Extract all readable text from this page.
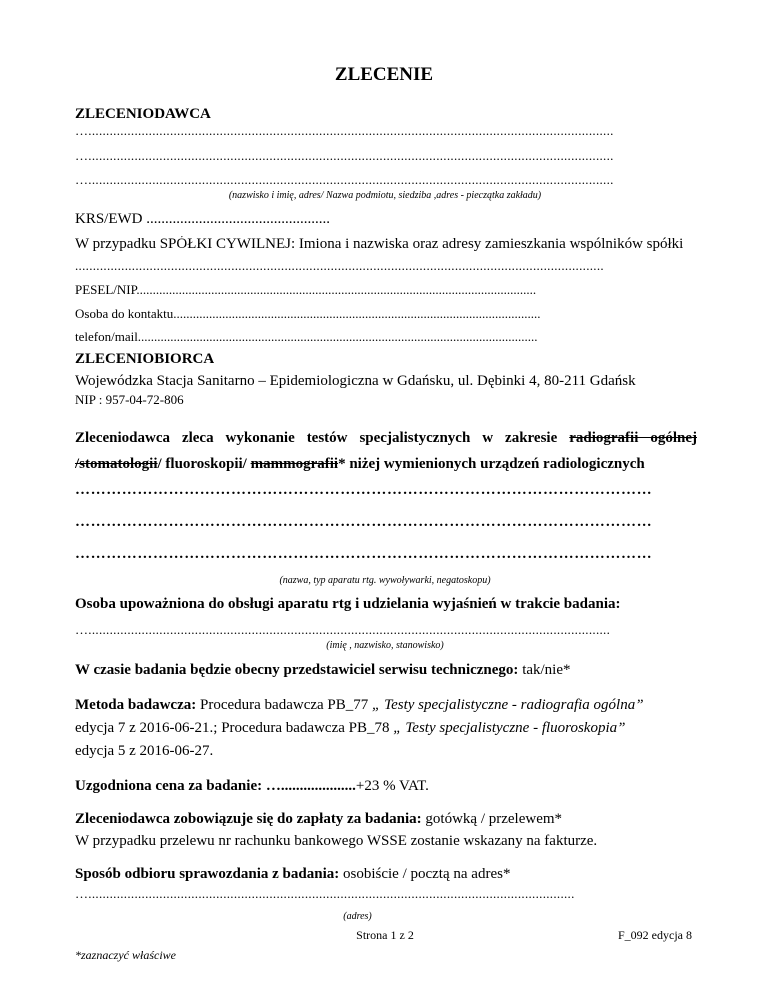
ZLECENIE
ZLECENIODAWCA
…....................................................................................................................................................
…....................................................................................................................................................
…....................................................................................................................................................
(nazwisko i imię, adres/ Nazwa podmiotu, siedziba ,adres - pieczątka zakładu)
KRS/EWD .................................................
W przypadku SPÓŁKI CYWILNEJ: Imiona i nazwiska oraz adresy zamieszkania wspólników spółki
.....................................................................................................................................................
PESEL/NIP...........................................................................................................................
Osoba do kontaktu.................................................................................................................
telefon/mail...........................................................................................................................
ZLECENIOBIORCA
Wojewódzka Stacja Sanitarno – Epidemiologiczna w Gdańsku, ul. Dębinki 4, 80-211 Gdańsk
NIP : 957-04-72-806
Zleceniodawca zleca wykonanie testów specjalistycznych w zakresie radiografii ogólnej
/stomatologii/ fluoroskopii/ mammografii* niżej wymienionych urządzeń radiologicznych
…………………………………………………………………………………………………
…………………………………………………………………………………………………
…………………………………………………………………………………………………
(nazwa, typ aparatu rtg. wywoływarki, negatoskopu)
Osoba upoważniona do obsługi aparatu rtg i udzielania wyjaśnień w trakcie badania:
…...................................................................................................................................................
(imię , nazwisko, stanowisko)
W czasie badania będzie obecny przedstawiciel serwisu technicznego: tak/nie*
Metoda badawcza: Procedura badawcza PB_77 „ Testy specjalistyczne - radiografia ogólna”
edycja 7 z 2016-06-21.; Procedura badawcza PB_78 „ Testy specjalistyczne - fluoroskopia”
edycja 5 z 2016-06-27.
Uzgodniona cena za badanie: …....................+23 % VAT.
Zleceniodawca zobowiązuje się do zapłaty za badania: gotówką / przelewem*
W przypadku przelewu nr rachunku bankowego WSSE zostanie wskazany na fakturze.
Sposób odbioru sprawozdania z badania: osobiście / pocztą na adres*
….........................................................................................................................................
(adres)
Strona 1 z 2	F_092 edycja 8
*zaznaczyć właściwe
